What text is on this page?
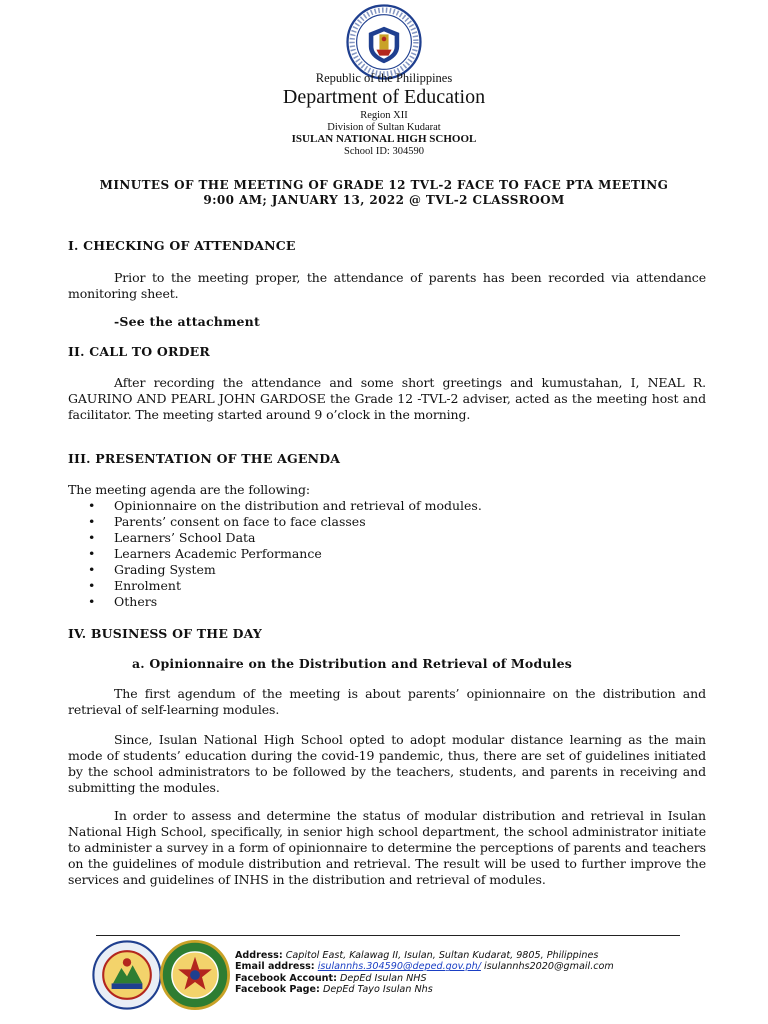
Republic of the Philippines
Department of Education
Region XII
Division of Sultan Kudarat
ISULAN NATIONAL HIGH SCHOOL
School ID: 304590
MINUTES OF THE MEETING OF GRADE 12 TVL-2 FACE TO FACE PTA MEETING
9:00 AM; JANUARY 13, 2022 @ TVL-2 CLASSROOM
I. CHECKING OF ATTENDANCE

Prior to the meeting proper, the attendance of parents has been recorded via attendance monitoring sheet.

-See the attachment
II. CALL TO ORDER

After recording the attendance and some short greetings and kumustahan, I, NEAL R. GAURINO AND PEARL JOHN GARDOSE the Grade 12 -TVL-2 adviser, acted as the meeting host and facilitator. The meeting started around 9 o’clock in the morning.

III. PRESENTATION OF THE AGENDA
The meeting agenda are the following:
• Opinionnaire on the distribution and retrieval of modules.
• Parents’ consent on face to face classes
• Learners’ School Data
• Learners Academic Performance
• Grading System
• Enrolment
• Others
IV. BUSINESS OF THE DAY
a. Opinionnaire on the Distribution and Retrieval of Modules

The first agendum of the meeting is about parents’ opinionnaire on the distribution and retrieval of self-learning modules.

Since, Isulan National High School opted to adopt modular distance learning as the main mode of students’ education during the covid-19 pandemic, thus, there are set of guidelines initiated by the school administrators to be followed by the teachers, students, and parents in receiving and submitting the modules.

In order to assess and determine the status of modular distribution and retrieval in Isulan National High School, specifically, in senior high school department, the school administrator initiate to administer a survey in a form of opinionnaire to determine the perceptions of parents and teachers on the guidelines of module distribution and retrieval. The result will be used to further improve the services and guidelines of INHS in the distribution and retrieval of modules.

Address: Capitol East, Kalawag II, Isulan, Sultan Kudarat, 9805, Philippines
Email address: isulannhs.304590@deped.gov.ph/ isulannhs2020@gmail.com
Facebook Account: DepEd Isulan NHS
Facebook Page: DepEd Tayo Isulan Nhs
